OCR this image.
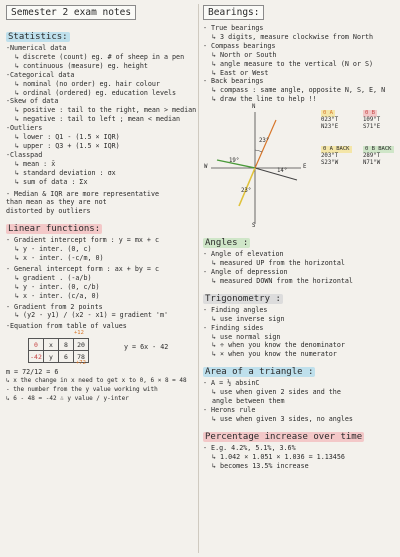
Semester 2 exam notes Statistics:
-Numerical data
↳ discrete (count) eg. # of sheep in a pen
↳ continuous (measure) eg. height
-Categorical data
↳ nominal (no order) eg. hair colour
↳ ordinal (ordered) eg. education levels
-Skew of data
↳ positive : tail to the right, mean > median
↳ negative : tail to left ; mean < median
-Outliers
↳ lower : Q1 - (1.5 × IQR)
↳ upper : Q3 + (1.5 × IQR)
-Classpad
↳ mean : x̄
↳ standard deviation : σx
↳ sum of data : Σx
- Median & IQR are more representative
than mean as they are not
distorted by outliers
Linear functions:
- Gradient intercept form : y = mx + c
↳ y - inter. (0, c)
↳ x - inter. (-c/m, 0)
- General intercept form : ax + by = c
↳ gradient . (-a/b)
↳ y - inter. (0, c/b)
↳ x - inter. (c/a, 0)
- Gradient from 2 points
↳ (y2 - y1) / (x2 - x1) = gradient 'm'
-Equation from table of values
+12
0	x	8	20
-42	y	6	78
+72
y = 6x - 42
m = 72/12 = 6
↳ x the change in x need to get x to 0, 6 × 8 = 48
- the number from the y value working with
↳ 6 - 48 = -42 ∴ y value / y-inter
Bearings:
- True bearings
↳ 3 digits, measure clockwise from North
- Compass bearings
↳ North or South
↳ angle measure to the vertical (N or S)
↳ East or West
- Back bearings
↳ compass : same angle, opposite N, S, E, N
↳ draw the line to help !!
N
S
E
W
23°
19°
14°
23°
0 A
023°T
N23°E
0 B
109°T
S71°E
0 A BACK
203°T
S23°W
0 B BACK
289°T
N71°W
Angles :
- Angle of elevation
↳ measured UP from the horizontal
- Angle of depression
↳ measured DOWN from the horizontal
Trigonometry :
- Finding angles
↳ use inverse sign
- Finding sides
↳ use normal sign
↳ ÷ when you know the denominator
↳ × when you know the numerator
Area of a triangle :
- A = ½ absinC
↳ use when given 2 sides and the
angle between them
- Herons rule
↳ use when given 3 sides, no angles
Percentage increase over time
- E.g. 4.2%, 5.1%, 3.6%
↳ 1.042 × 1.051 × 1.036 = 1.13456
↳ becomes 13.5% increase
